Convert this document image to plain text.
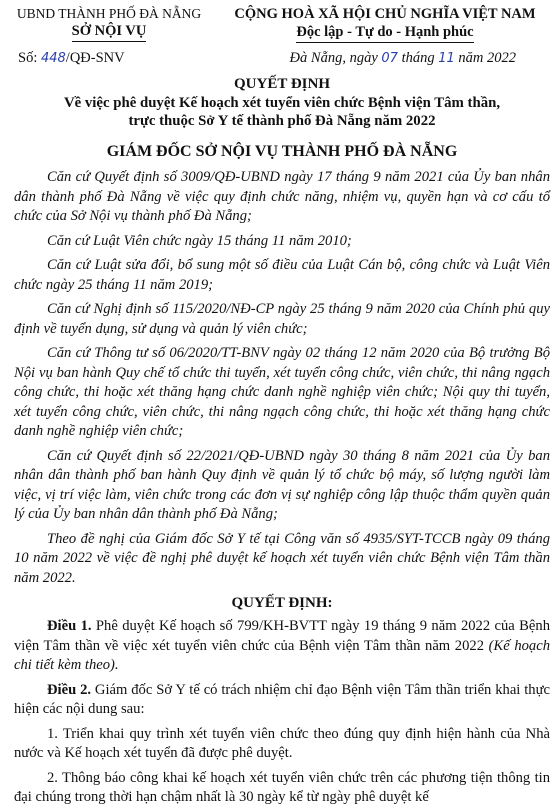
UBND THÀNH PHỐ ĐÀ NẴNG
SỞ NỘI VỤ
CỘNG HOÀ XÃ HỘI CHỦ NGHĨA VIỆT NAM
Độc lập - Tự do - Hạnh phúc
Số: 448/QĐ-SNV	Đà Nẵng, ngày 07 tháng 11 năm 2022
QUYẾT ĐỊNH
Về việc phê duyệt Kế hoạch xét tuyển viên chức Bệnh viện Tâm thần,
trực thuộc Sở Y tế thành phố Đà Nẵng năm 2022
GIÁM ĐỐC SỞ NỘI VỤ THÀNH PHỐ ĐÀ NẴNG

Căn cứ Quyết định số 3009/QĐ-UBND ngày 17 tháng 9 năm 2021 của Ủy ban nhân dân thành phố Đà Nẵng về việc quy định chức năng, nhiệm vụ, quyền hạn và cơ cấu tổ chức của Sở Nội vụ thành phố Đà Nẵng;

Căn cứ Luật Viên chức ngày 15 tháng 11 năm 2010;

Căn cứ Luật sửa đổi, bổ sung một số điều của Luật Cán bộ, công chức và Luật Viên chức ngày 25 tháng 11 năm 2019;

Căn cứ Nghị định số 115/2020/NĐ-CP ngày 25 tháng 9 năm 2020 của Chính phủ quy định về tuyển dụng, sử dụng và quản lý viên chức;

Căn cứ Thông tư số 06/2020/TT-BNV ngày 02 tháng 12 năm 2020 của Bộ trưởng Bộ Nội vụ ban hành Quy chế tổ chức thi tuyển, xét tuyển công chức, viên chức, thi nâng ngạch công chức, thi hoặc xét thăng hạng chức danh nghề nghiệp viên chức; Nội quy thi tuyển, xét tuyển công chức, viên chức, thi nâng ngạch công chức, thi hoặc xét thăng hạng chức danh nghề nghiệp viên chức;

Căn cứ Quyết định số 22/2021/QĐ-UBND ngày 30 tháng 8 năm 2021 của Ủy ban nhân dân thành phố ban hành Quy định về quản lý tổ chức bộ máy, số lượng người làm việc, vị trí việc làm, viên chức trong các đơn vị sự nghiệp công lập thuộc thẩm quyền quản lý của Ủy ban nhân dân thành phố Đà Nẵng;

Theo đề nghị của Giám đốc Sở Y tế tại Công văn số 4935/SYT-TCCB ngày 09 tháng 10 năm 2022 về việc đề nghị phê duyệt kế hoạch xét tuyển viên chức Bệnh viện Tâm thần năm 2022.

QUYẾT ĐỊNH:

Điều 1. Phê duyệt Kế hoạch số 799/KH-BVTT ngày 19 tháng 9 năm 2022 của Bệnh viện Tâm thần về việc xét tuyển viên chức của Bệnh viện Tâm thần năm 2022 (Kế hoạch chi tiết kèm theo).

Điều 2. Giám đốc Sở Y tế có trách nhiệm chỉ đạo Bệnh viện Tâm thần triển khai thực hiện các nội dung sau:

1. Triển khai quy trình xét tuyển viên chức theo đúng quy định hiện hành của Nhà nước và Kế hoạch xét tuyển đã được phê duyệt.

2. Thông báo công khai kế hoạch xét tuyển viên chức trên các phương tiện thông tin đại chúng trong thời hạn chậm nhất là 30 ngày kể từ ngày phê duyệt kế
